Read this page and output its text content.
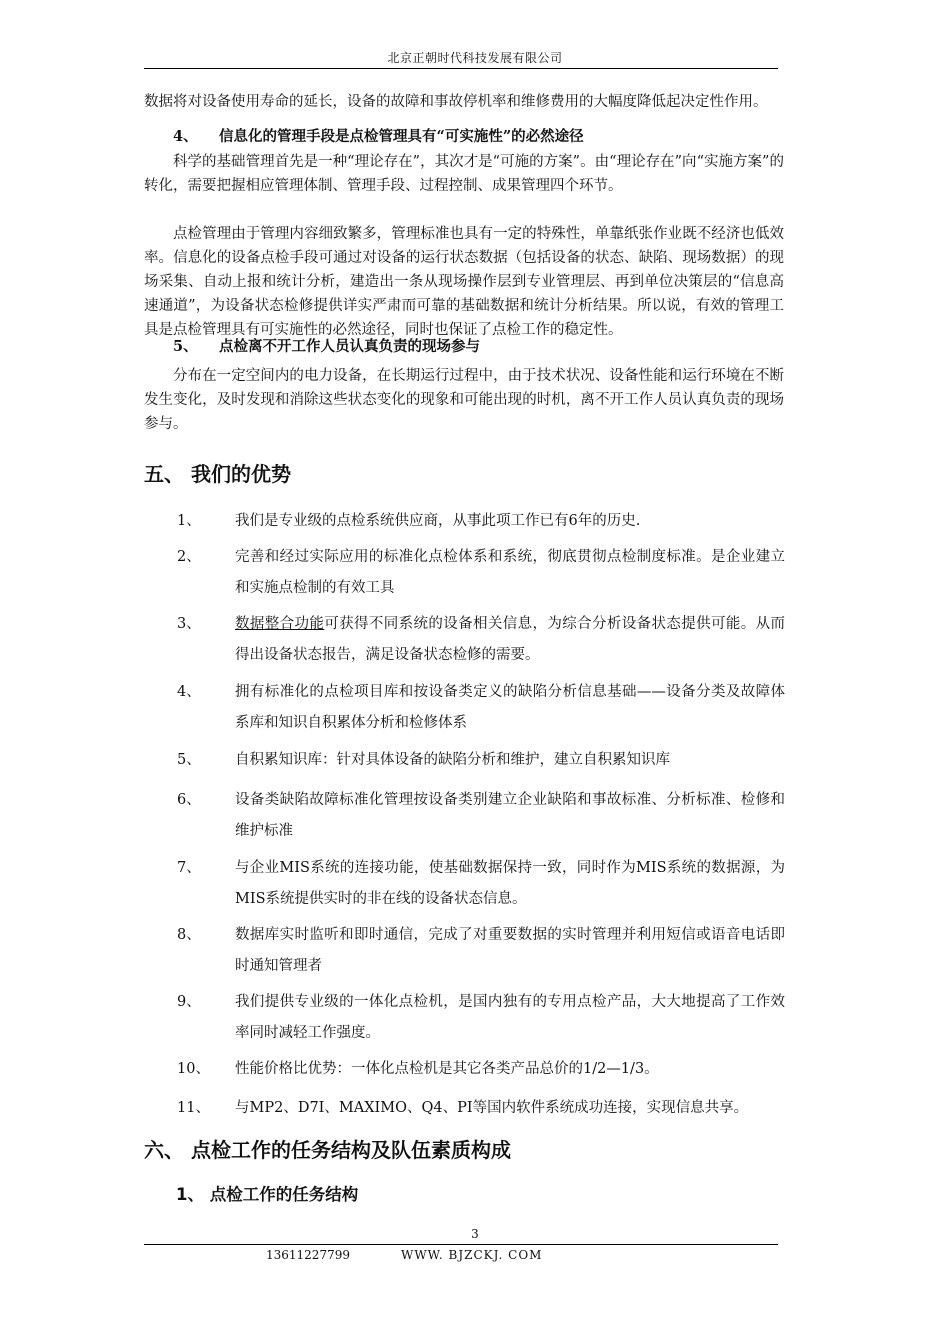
北京正朝时代科技发展有限公司
数据将对设备使用寿命的延长，设备的故障和事故停机率和维修费用的大幅度降低起决定性作用。
4、 信息化的管理手段是点检管理具有“可实施性”的必然途径
科学的基础管理首先是一种“理论存在”，其次才是“可施的方案”。由“理论存在”向“实施方案”的转化，需要把握相应管理体制、管理手段、过程控制、成果管理四个环节。
点检管理由于管理内容细致繁多，管理标准也具有一定的特殊性，单靠纸张作业既不经济也低效率。信息化的设备点检手段可通过对设备的运行状态数据（包括设备的状态、缺陷、现场数据）的现场采集、自动上报和统计分析，建造出一条从现场操作层到专业管理层、再到单位决策层的“信息高速通道”，为设备状态检修提供详实严肃而可靠的基础数据和统计分析结果。所以说，有效的管理工具是点检管理具有可实施性的必然途径，同时也保证了点检工作的稳定性。
5、 点检离不开工作人员认真负责的现场参与
分布在一定空间内的电力设备，在长期运行过程中，由于技术状况、设备性能和运行环境在不断发生变化，及时发现和消除这些状态变化的现象和可能出现的时机，离不开工作人员认真负责的现场参与。
五、 我们的优势
1、	我们是专业级的点检系统供应商，从事此项工作已有6年的历史.
2、	完善和经过实际应用的标准化点检体系和系统，彻底贯彻点检制度标准。是企业建立和实施点检制的有效工具
3、	数据整合功能可获得不同系统的设备相关信息，为综合分析设备状态提供可能。从而得出设备状态报告，满足设备状态检修的需要。
4、	拥有标准化的点检项目库和按设备类定义的缺陷分析信息基础——设备分类及故障体系库和知识自积累体分析和检修体系
5、	自积累知识库：针对具体设备的缺陷分析和维护，建立自积累知识库
6、	设备类缺陷故障标准化管理按设备类别建立企业缺陷和事故标准、分析标准、检修和维护标准
7、	与企业MIS系统的连接功能，使基础数据保持一致，同时作为MIS系统的数据源，为MIS系统提供实时的非在线的设备状态信息。
8、	数据库实时监听和即时通信，完成了对重要数据的实时管理并利用短信或语音电话即时通知管理者
9、	我们提供专业级的一体化点检机，是国内独有的专用点检产品，大大地提高了工作效率同时减轻工作强度。
10、	性能价格比优势：一体化点检机是其它各类产品总价的1/2—1/3。
11、	与MP2、D7I、MAXIMO、Q4、PI等国内软件系统成功连接，实现信息共享。
六、 点检工作的任务结构及队伍素质构成
1、 点检工作的任务结构
3
13611227799	WWW. BJZCKJ. COM
